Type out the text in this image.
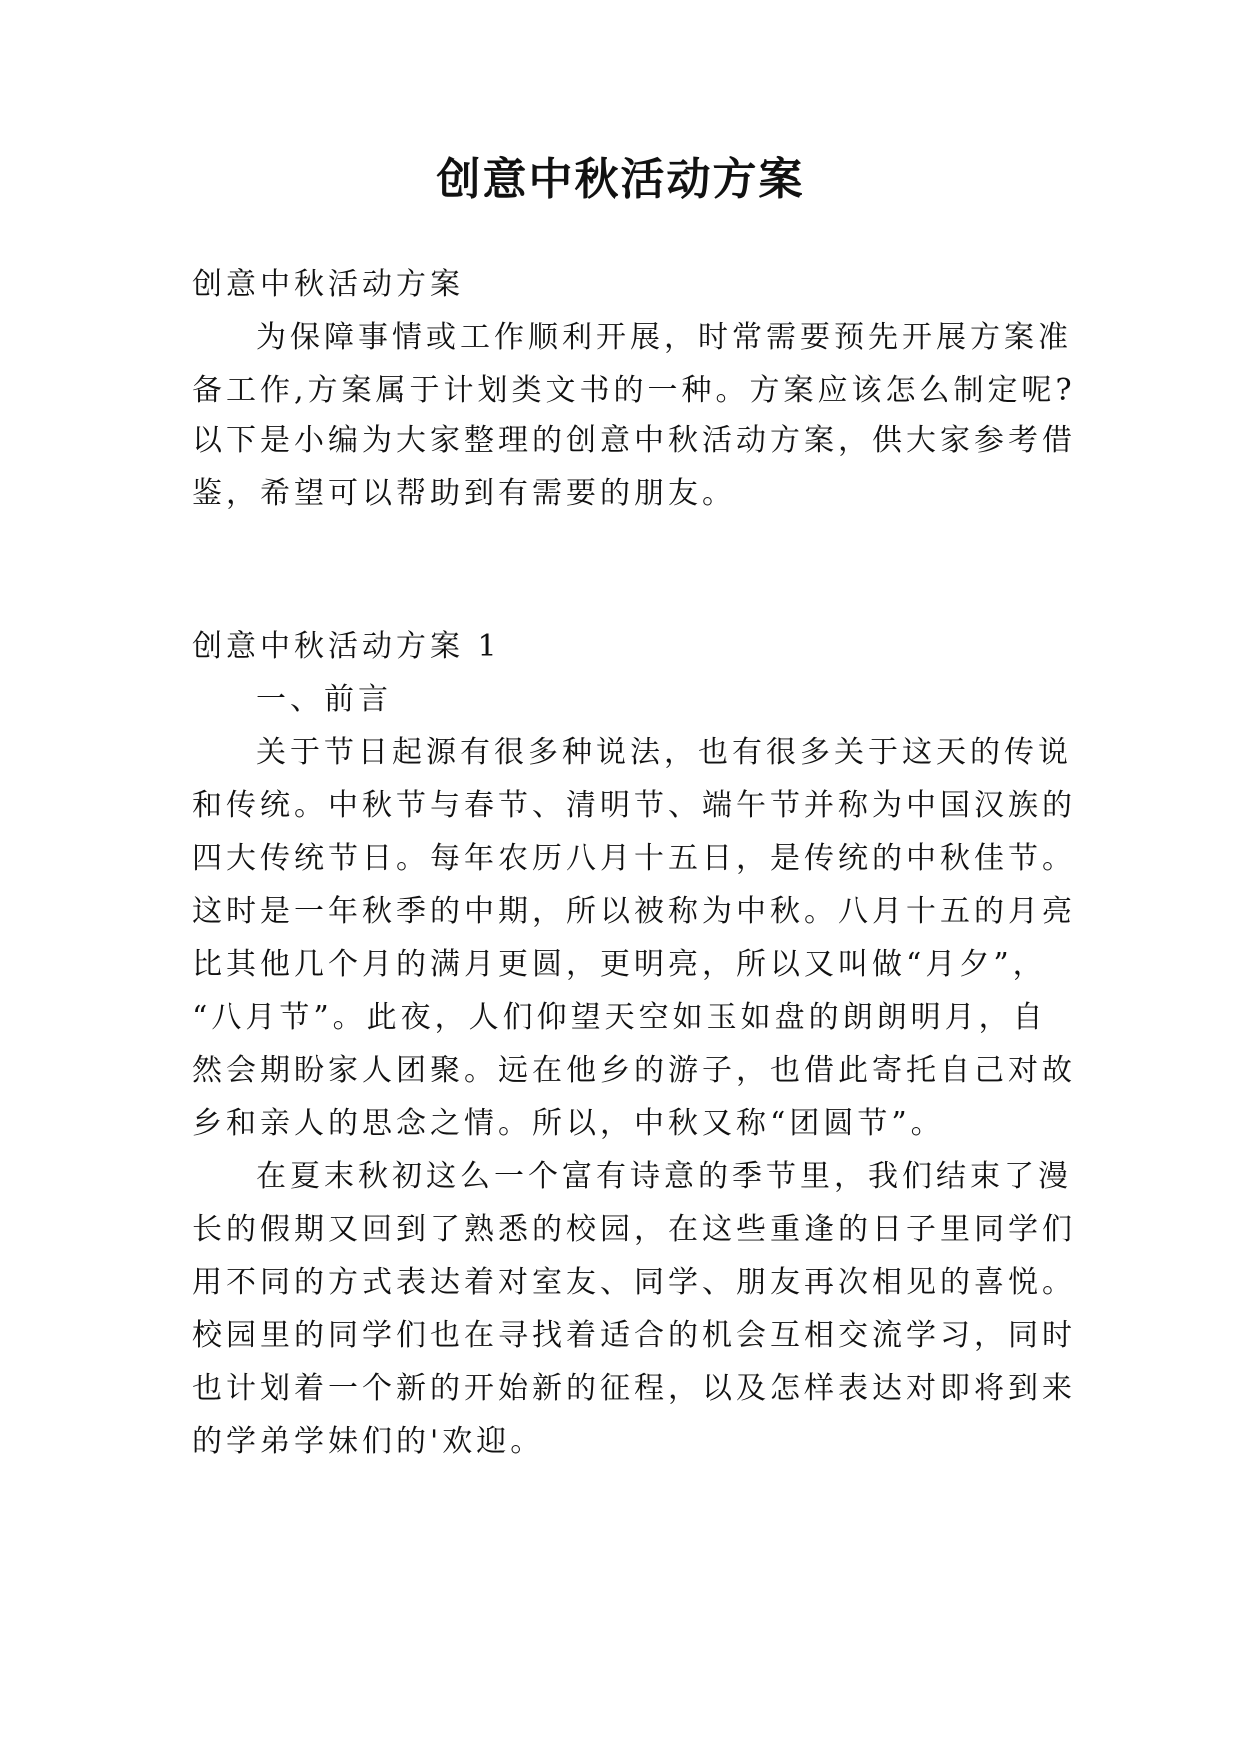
创意中秋活动方案

创意中秋活动方案

为保障事情或工作顺利开展，时常需要预先开展方案准

备工作,方案属于计划类文书的一种。方案应该怎么制定呢?

以下是小编为大家整理的创意中秋活动方案，供大家参考借

鉴，希望可以帮助到有需要的朋友。

创意中秋活动方案 1

一、前言

关于节日起源有很多种说法，也有很多关于这天的传说

和传统。中秋节与春节、清明节、端午节并称为中国汉族的

四大传统节日。每年农历八月十五日，是传统的中秋佳节。

这时是一年秋季的中期，所以被称为中秋。八月十五的月亮

比其他几个月的满月更圆，更明亮，所以又叫做“月夕”，

“八月节”。此夜，人们仰望天空如玉如盘的朗朗明月，自

然会期盼家人团聚。远在他乡的游子，也借此寄托自己对故

乡和亲人的思念之情。所以，中秋又称“团圆节”。

在夏末秋初这么一个富有诗意的季节里，我们结束了漫

长的假期又回到了熟悉的校园，在这些重逢的日子里同学们

用不同的方式表达着对室友、同学、朋友再次相见的喜悦。

校园里的同学们也在寻找着适合的机会互相交流学习，同时

也计划着一个新的开始新的征程，以及怎样表达对即将到来

的学弟学妹们的'欢迎。
